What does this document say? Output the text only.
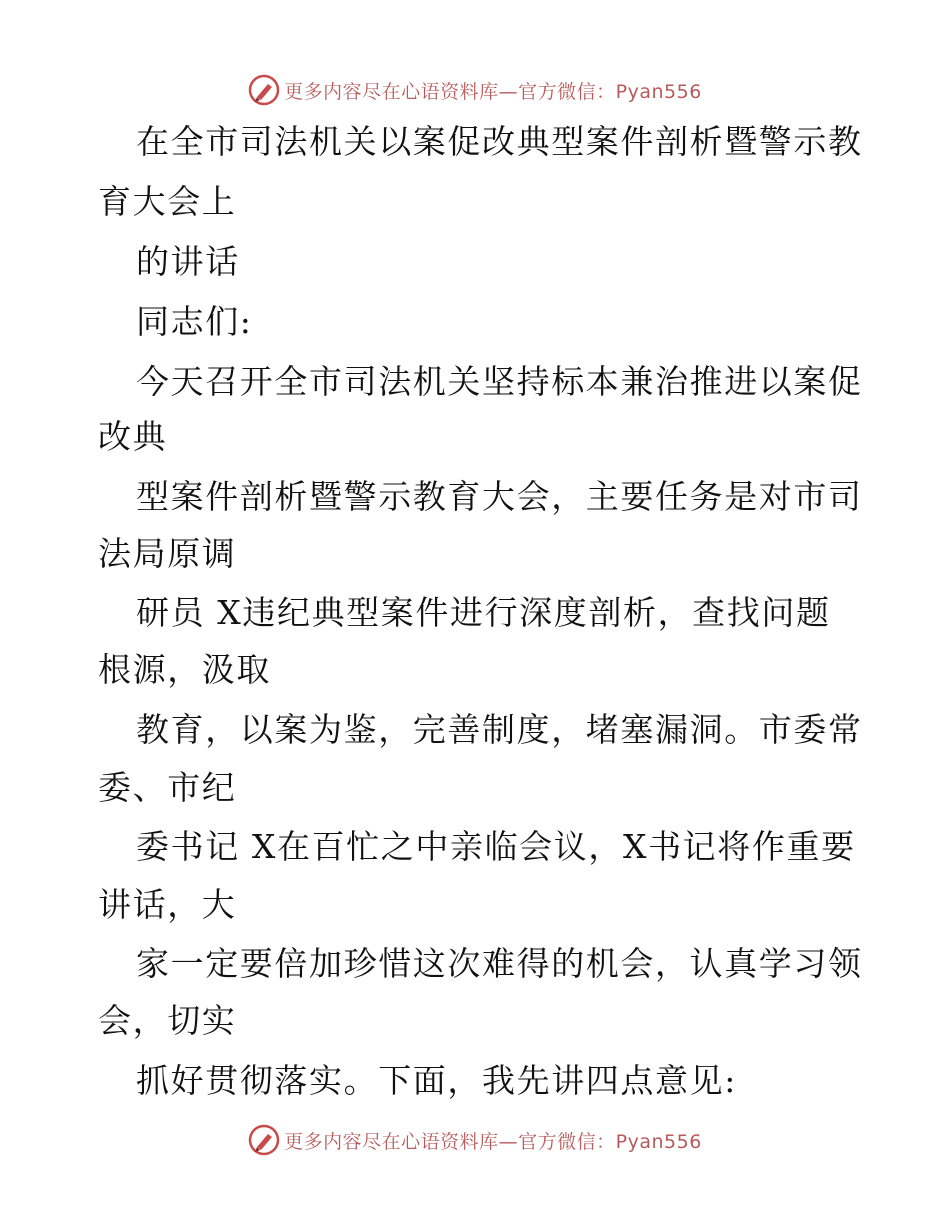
更多内容尽在心语资料库—官方微信：Pyan556
在全市司法机关以案促改典型案件剖析暨警示教
育大会上
的讲话
同志们:
今天召开全市司法机关坚持标本兼治推进以案促
改典
型案件剖析暨警示教育大会，主要任务是对市司
法局原调
研员 X违纪典型案件进行深度剖析，查找问题
根源，汲取
教育，以案为鉴，完善制度，堵塞漏洞。市委常
委、市纪
委书记 X在百忙之中亲临会议，X书记将作重要
讲话，大
家一定要倍加珍惜这次难得的机会，认真学习领
会，切实
抓好贯彻落实。下面，我先讲四点意见:
更多内容尽在心语资料库—官方微信：Pyan556
